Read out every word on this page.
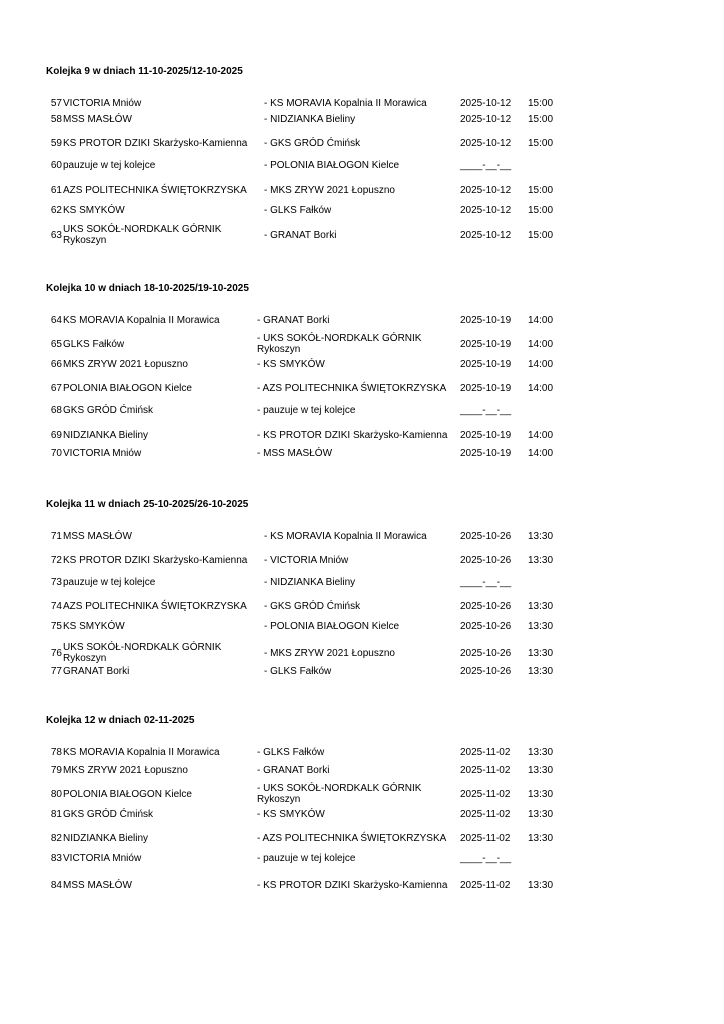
Kolejka 9 w dniach 11-10-2025/12-10-2025
57 VICTORIA Mniów	- KS MORAVIA Kopalnia II Morawica	2025-10-12 15:00
58 MSS MASŁÓW	- NIDZIANKA Bieliny	2025-10-12 15:00
59 KS PROTOR DZIKI Skarżysko-Kamienna - GKS GRÓD Ćmińsk	2025-10-12 15:00
60 pauzuje w tej kolejce	- POLONIA BIAŁOGON Kielce	____-__-__
61 AZS POLITECHNIKA ŚWIĘTOKRZYSKA - MKS ZRYW 2021 Łopuszno	2025-10-12 15:00
62 KS SMYKÓW	- GLKS Fałków	2025-10-12 15:00
63 UKS SOKÓŁ-NORDKALK GÓRNIK Rykoszyn	- GRANAT Borki	2025-10-12 15:00
Kolejka 10 w dniach 18-10-2025/19-10-2025
64 KS MORAVIA Kopalnia II Morawica	- GRANAT Borki	2025-10-19 14:00
65 GLKS Fałków	- UKS SOKÓŁ-NORDKALK GÓRNIK Rykoszyn	2025-10-19 14:00
66 MKS ZRYW 2021 Łopuszno	- KS SMYKÓW	2025-10-19 14:00
67 POLONIA BIAŁOGON Kielce	- AZS POLITECHNIKA ŚWIĘTOKRZYSKA 2025-10-19 14:00
68 GKS GRÓD Ćmińsk	- pauzuje w tej kolejce	____-__-__
69 NIDZIANKA Bieliny	- KS PROTOR DZIKI Skarżysko-Kamienna 2025-10-19 14:00
70 VICTORIA Mniów	- MSS MASŁÓW	2025-10-19 14:00
Kolejka 11 w dniach 25-10-2025/26-10-2025
71 MSS MASŁÓW	- KS MORAVIA Kopalnia II Morawica	2025-10-26 13:30
72 KS PROTOR DZIKI Skarżysko-Kamienna - VICTORIA Mniów	2025-10-26 13:30
73 pauzuje w tej kolejce	- NIDZIANKA Bieliny	____-__-__
74 AZS POLITECHNIKA ŚWIĘTOKRZYSKA - GKS GRÓD Ćmińsk	2025-10-26 13:30
75 KS SMYKÓW	- POLONIA BIAŁOGON Kielce	2025-10-26 13:30
76 UKS SOKÓŁ-NORDKALK GÓRNIK Rykoszyn	- MKS ZRYW 2021 Łopuszno	2025-10-26 13:30
77 GRANAT Borki	- GLKS Fałków	2025-10-26 13:30
Kolejka 12 w dniach 02-11-2025
78 KS MORAVIA Kopalnia II Morawica	- GLKS Fałków	2025-11-02 13:30
79 MKS ZRYW 2021 Łopuszno	- GRANAT Borki	2025-11-02 13:30
80 POLONIA BIAŁOGON Kielce	- UKS SOKÓŁ-NORDKALK GÓRNIK Rykoszyn	2025-11-02 13:30
81 GKS GRÓD Ćmińsk	- KS SMYKÓW	2025-11-02 13:30
82 NIDZIANKA Bieliny	- AZS POLITECHNIKA ŚWIĘTOKRZYSKA 2025-11-02 13:30
83 VICTORIA Mniów	- pauzuje w tej kolejce	____-__-__
84 MSS MASŁÓW	- KS PROTOR DZIKI Skarżysko-Kamienna 2025-11-02 13:30
